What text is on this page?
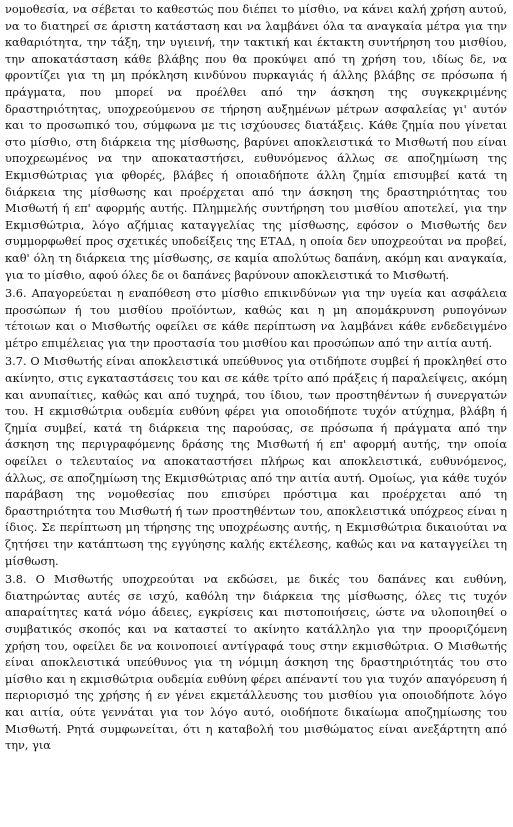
νομοθεσία, να σέβεται το καθεστώς που διέπει το μίσθιο, να κάνει καλή χρήση αυτού, να το διατηρεί σε άριστη κατάσταση και να λαμβάνει όλα τα αναγκαία μέτρα για την καθαριότητα, την τάξη, την υγιεινή, την τακτική και έκτακτη συντήρηση του μισθίου, την αποκατάσταση κάθε βλάβης που θα προκύψει από τη χρήση του, ιδίως δε, να φροντίζει για τη μη πρόκληση κινδύνου πυρκαγιάς ή άλλης βλάβης σε πρόσωπα ή πράγματα, που μπορεί να προέλθει από την άσκηση της συγκεκριμένης δραστηριότητας, υποχρεούμενου σε τήρηση αυξημένων μέτρων ασφαλείας γι' αυτόν και το προσωπικό του, σύμφωνα με τις ισχύουσες διατάξεις. Κάθε ζημία που γίνεται στο μίσθιο, στη διάρκεια της μίσθωσης, βαρύνει αποκλειστικά το Μισθωτή που είναι υποχρεωμένος να την αποκαταστήσει, ευθυνόμενος άλλως σε αποζημίωση της Εκμισθώτριας για φθορές, βλάβες ή οποιαδήποτε άλλη ζημία επισυμβεί κατά τη διάρκεια της μίσθωσης και προέρχεται από την άσκηση της δραστηριότητας του Μισθωτή ή επ' αφορμής αυτής. Πλημμελής συντήρηση του μισθίου αποτελεί, για την Εκμισθώτρια, λόγο αζήμιας καταγγελίας της μίσθωσης, εφόσον ο Μισθωτής δεν συμμορφωθεί προς σχετικές υποδείξεις της ΕΤΑΔ, η οποία δεν υποχρεούται να προβεί, καθ' όλη τη διάρκεια της μίσθωσης, σε καμία απολύτως δαπάνη, ακόμη και αναγκαία, για το μίσθιο, αφού όλες δε οι δαπάνες βαρύνουν αποκλειστικά το Μισθωτή.

3.6. Απαγορεύεται η εναπόθεση στο μίσθιο επικινδύνων για την υγεία και ασφάλεια προσώπων ή του μισθίου προϊόντων, καθώς και η μη απομάκρυνση ρυπογόνων τέτοιων και ο Μισθωτής οφείλει σε κάθε περίπτωση να λαμβάνει κάθε ενδεδειγμένο μέτρο επιμέλειας για την προστασία του μισθίου και προσώπων από την αιτία αυτή.

3.7. Ο Μισθωτής είναι αποκλειστικά υπεύθυνος για οτιδήποτε συμβεί ή προκληθεί στο ακίνητο, στις εγκαταστάσεις του και σε κάθε τρίτο από πράξεις ή παραλείψεις, ακόμη και ανυπαίτιες, καθώς και από τυχηρά, του ίδιου, των προστηθέντων ή συνεργατών του. Η εκμισθώτρια ουδεμία ευθύνη φέρει για οποιοδήποτε τυχόν ατύχημα, βλάβη ή ζημία συμβεί, κατά τη διάρκεια της παρούσας, σε πρόσωπα ή πράγματα από την άσκηση της περιγραφόμενης δράσης της Μισθωτή ή επ' αφορμή αυτής, την οποία οφείλει ο τελευταίος να αποκαταστήσει πλήρως και αποκλειστικά, ευθυνόμενος, άλλως, σε αποζημίωση της Εκμισθώτριας από την αιτία αυτή. Ομοίως, για κάθε τυχόν παράβαση της νομοθεσίας που επισύρει πρόστιμα και προέρχεται από τη δραστηριότητα του Μισθωτή ή των προστηθέντων του, αποκλειστικά υπόχρεος είναι η ίδιος. Σε περίπτωση μη τήρησης της υποχρέωσης αυτής, η Εκμισθώτρια δικαιούται να ζητήσει την κατάπτωση της εγγύησης καλής εκτέλεσης, καθώς και να καταγγείλει τη μίσθωση.

3.8. Ο Μισθωτής υποχρεούται να εκδώσει, με δικές του δαπάνες και ευθύνη, διατηρώντας αυτές σε ισχύ, καθόλη την διάρκεια της μίσθωσης, όλες τις τυχόν απαραίτητες κατά νόμο άδειες, εγκρίσεις και πιστοποιήσεις, ώστε να υλοποιηθεί ο συμβατικός σκοπός και να καταστεί το ακίνητο κατάλληλο για την προοριζόμενη χρήση του, οφείλει δε να κοινοποιεί αντίγραφά τους στην εκμισθώτρια. Ο Μισθωτής είναι αποκλειστικά υπεύθυνος για τη νόμιμη άσκηση της δραστηριότητάς του στο μίσθιο και η εκμισθώτρια ουδεμία ευθύνη φέρει απέναντί του για τυχόν απαγόρευση ή περιορισμό της χρήσης ή εν γένει εκμετάλλευσης του μισθίου για οποιοδήποτε λόγο και αιτία, ούτε γεννάται για τον λόγο αυτό, οιοδήποτε δικαίωμα αποζημίωσης του Μισθωτή. Ρητά συμφωνείται, ότι η καταβολή του μισθώματος είναι ανεξάρτητη από την, για
